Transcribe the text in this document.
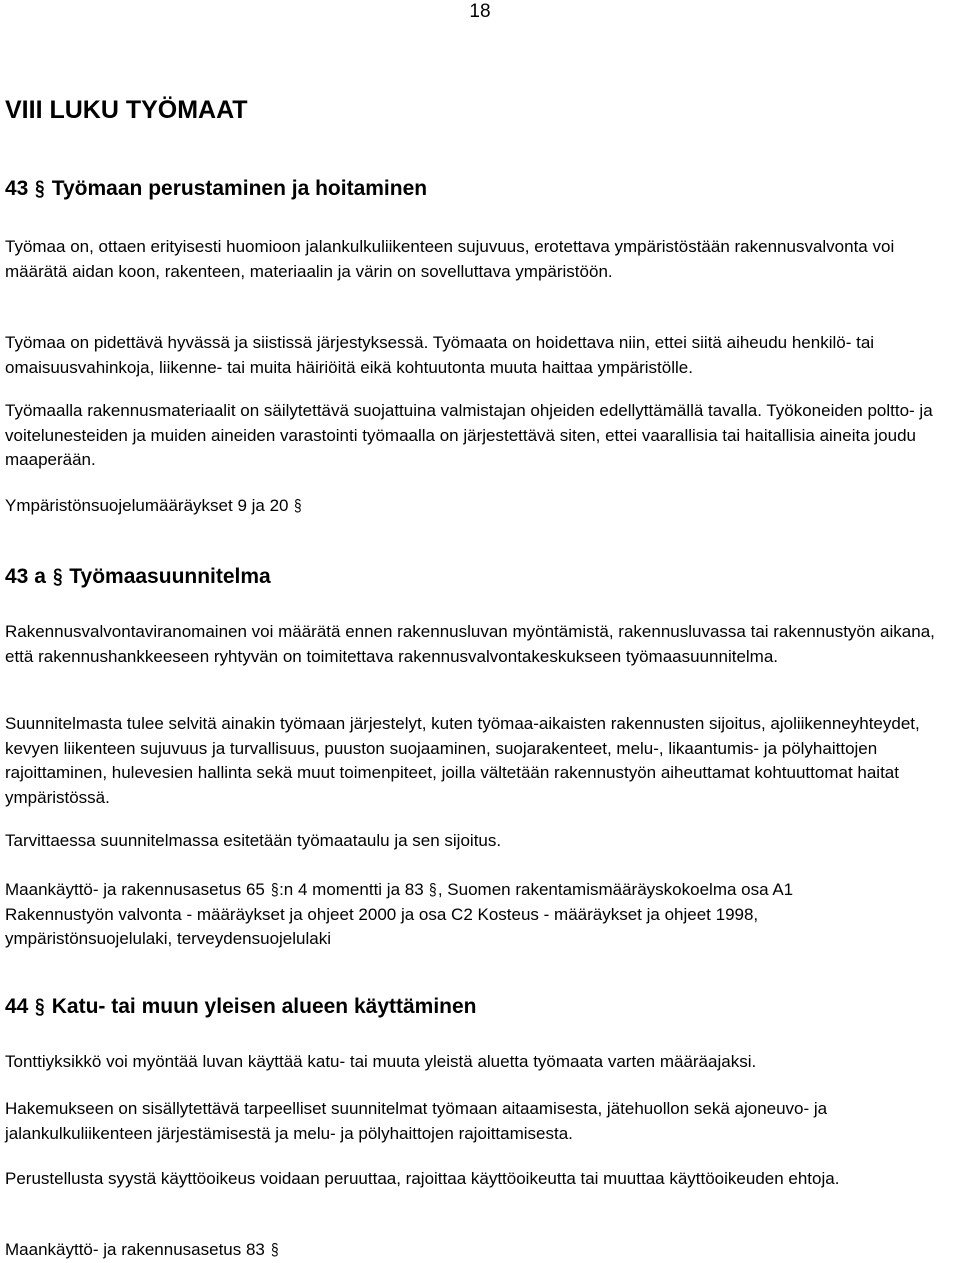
18
VIII LUKU TYÖMAAT
43 § Työmaan perustaminen ja hoitaminen

Työmaa on, ottaen erityisesti huomioon jalankulkuliikenteen sujuvuus, erotettava ympäristöstään rakennusvalvonta voi määrätä aidan koon, rakenteen, materiaalin ja värin on sovelluttava ympäristöön.

Työmaa on pidettävä hyvässä ja siistissä järjestyksessä. Työmaata on hoidettava niin, ettei siitä aiheudu henkilö- tai omaisuusvahinkoja, liikenne- tai muita häiriöitä eikä kohtuutonta muuta haittaa ympäristölle.

Työmaalla rakennusmateriaalit on säilytettävä suojattuina valmistajan ohjeiden edellyttämällä tavalla. Työkoneiden poltto- ja voitelunesteiden ja muiden aineiden varastointi työmaalla on järjestettävä siten, ettei vaarallisia tai haitallisia aineita joudu maaperään.

Ympäristönsuojelumääräykset 9 ja 20 §

43 a § Työmaasuunnitelma

Rakennusvalvontaviranomainen voi määrätä ennen rakennusluvan myöntämistä, rakennusluvassa tai rakennustyön aikana, että rakennushankkeeseen ryhtyvän on toimitettava rakennusvalvontakeskukseen työmaasuunnitelma.

Suunnitelmasta tulee selvitä ainakin työmaan järjestelyt, kuten työmaa-aikaisten rakennusten sijoitus, ajoliikenneyhteydet, kevyen liikenteen sujuvuus ja turvallisuus, puuston suojaaminen, suojarakenteet, melu-, likaantumis- ja pölyhaittojen rajoittaminen, hulevesien hallinta sekä muut toimenpiteet, joilla vältetään rakennustyön aiheuttamat kohtuuttomat haitat ympäristössä.

Tarvittaessa suunnitelmassa esitetään työmaataulu ja sen sijoitus.

Maankäyttö- ja rakennusasetus 65 §:n 4 momentti ja 83 §, Suomen rakentamismääräyskokoelma osa A1
Rakennustyön valvonta - määräykset ja ohjeet 2000 ja osa C2 Kosteus - määräykset ja ohjeet 1998,
ympäristönsuojelulaki, terveydensuojelulaki

44 § Katu- tai muun yleisen alueen käyttäminen

Tonttiyksikkö voi myöntää luvan käyttää katu- tai muuta yleistä aluetta työmaata varten määräajaksi.

Hakemukseen on sisällytettävä tarpeelliset suunnitelmat työmaan aitaamisesta, jätehuollon sekä ajoneuvo- ja jalankulkuliikenteen järjestämisestä ja melu- ja pölyhaittojen rajoittamisesta.

Perustellusta syystä käyttöoikeus voidaan peruuttaa, rajoittaa käyttöoikeutta tai muuttaa käyttöoikeuden ehtoja.

Maankäyttö- ja rakennusasetus 83 §
